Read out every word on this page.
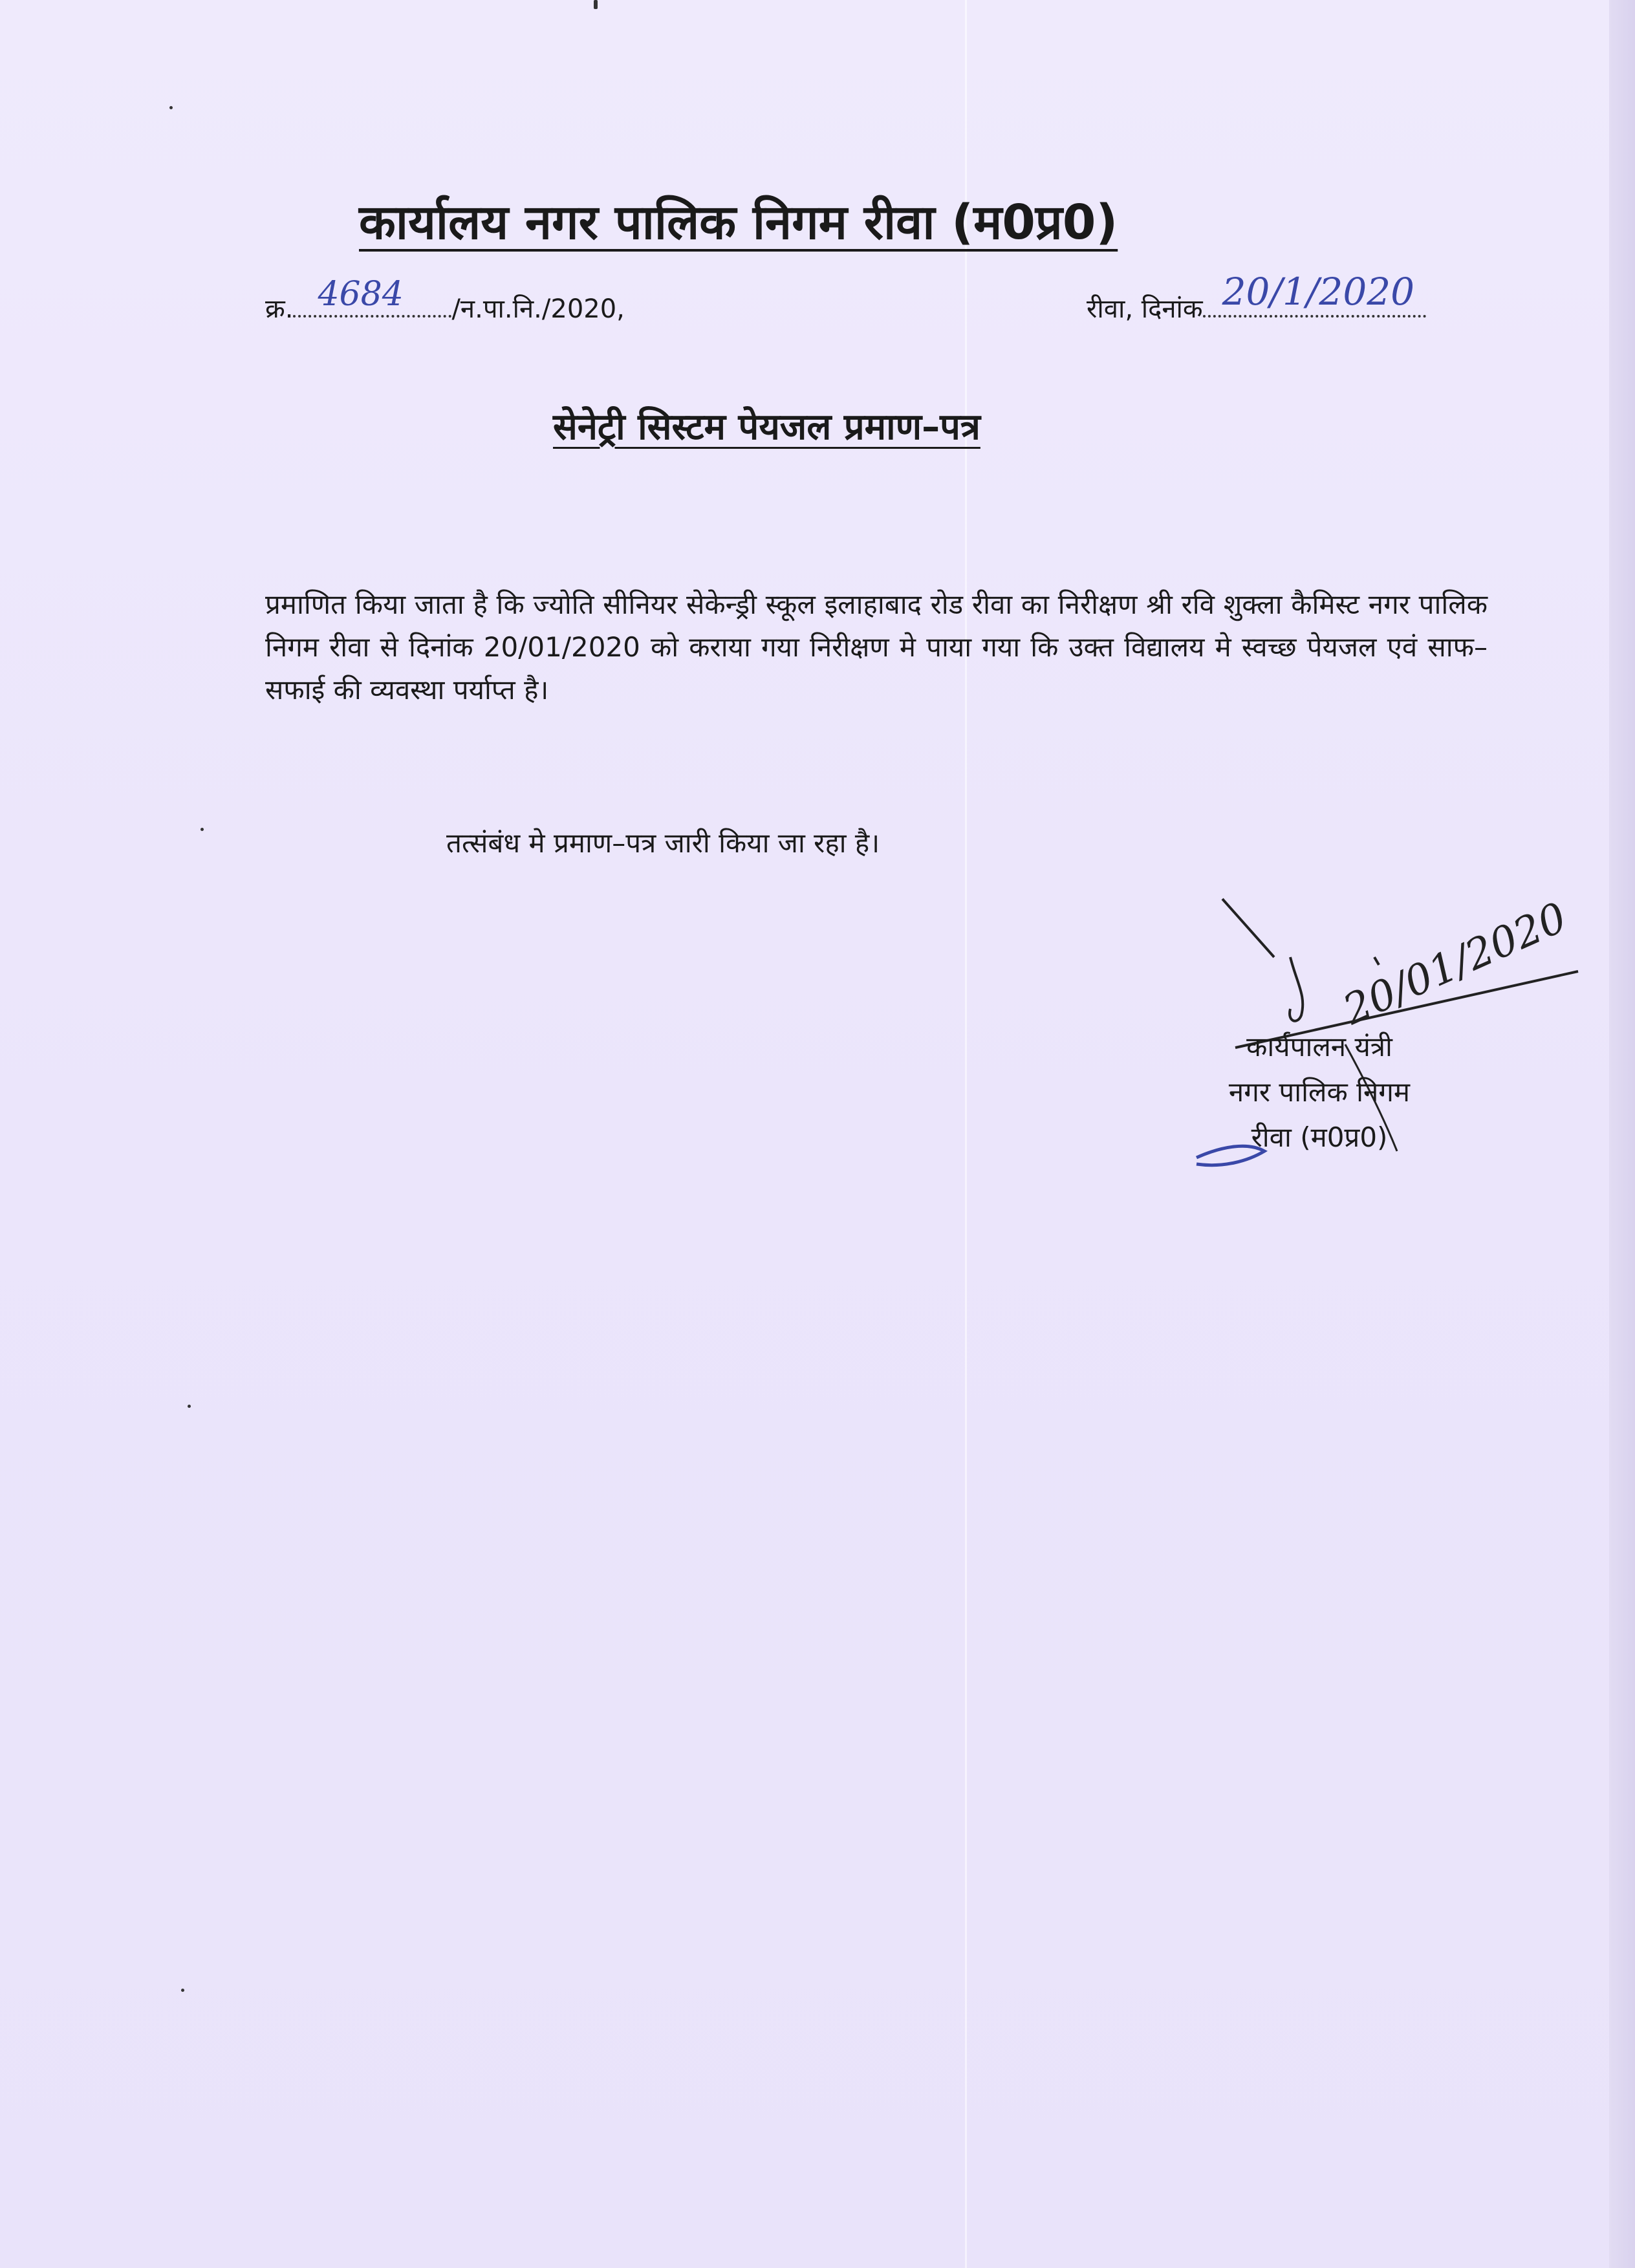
कार्यालय नगर पालिक निगम रीवा (म0प्र0)
क्र. 4684 /न.पा.नि./2020,	रीवा, दिनांक 20/1/2020
सेनेट्री सिस्टम पेयजल प्रमाण–पत्र
प्रमाणित किया जाता है कि ज्योति सीनियर सेकेन्ड्री स्कूल इलाहाबाद रोड रीवा का निरीक्षण श्री रवि शुक्ला कैमिस्ट नगर पालिक निगम रीवा से दिनांक 20/01/2020 को कराया गया निरीक्षण मे पाया गया कि उक्त विद्यालय मे स्वच्छ पेयजल एवं साफ–सफाई की व्यवस्था पर्याप्त है।
तत्संबंध मे प्रमाण–पत्र जारी किया जा रहा है।
20/01/2020
कार्यपालन यंत्री
नगर पालिक निगम
रीवा (म0प्र0)
